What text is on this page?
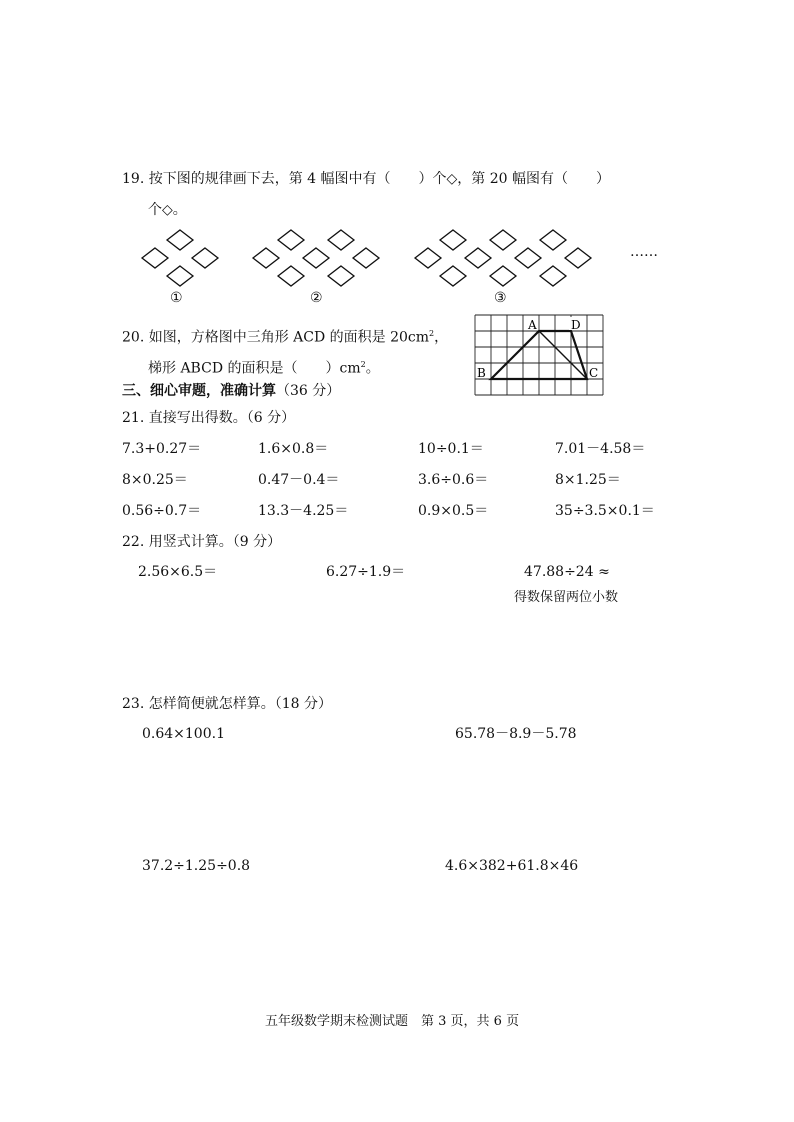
19. 按下图的规律画下去，第 4 幅图中有（　　）个◇，第 20 幅图有（　　）
个◇。
A	D
B	C
……
①	②	③
20. 如图，方格图中三角形 ACD 的面积是 $20cm^2$，
梯形 ABCD 的面积是（　　）$cm^2$。
三、细心审题，准确计算（36 分）
21. 直接写出得数。（6 分）
7.3+0.27＝	1.6×0.8＝	10÷0.1＝	7.01－4.58＝
8×0.25＝	0.47－0.4＝	3.6÷0.6＝	8×1.25＝
0.56÷0.7＝	13.3－4.25＝	0.9×0.5＝	35÷3.5×0.1＝
22. 用竖式计算。（9 分）
2.56×6.5＝	6.27÷1.9＝	47.88÷24 ≈
得数保留两位小数
23. 怎样简便就怎样算。（18 分）
0.64×100.1	65.78－8.9－5.78
37.2÷1.25÷0.8	4.6×382+61.8×46
五年级数学期末检测试题　第 3 页，共 6 页
